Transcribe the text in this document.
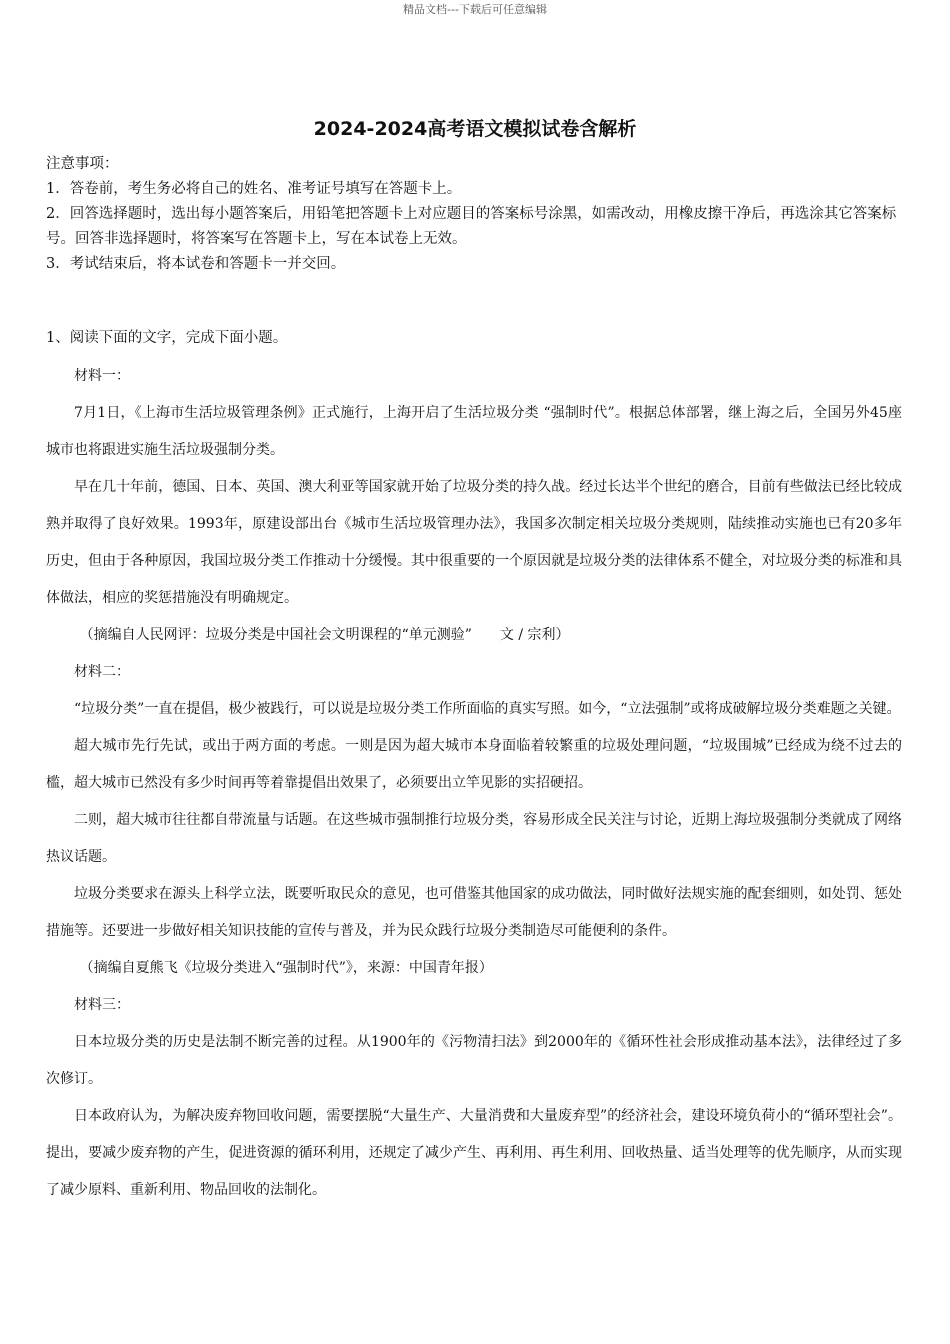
精品文档---下载后可任意编辑
2024-2024高考语文模拟试卷含解析

注意事项：

1．答卷前，考生务必将自己的姓名、准考证号填写在答题卡上。

2．回答选择题时，选出每小题答案后，用铅笔把答题卡上对应题目的答案标号涂黑，如需改动，用橡皮擦干净后，再选涂其它答案标号。回答非选择题时，将答案写在答题卡上，写在本试卷上无效。

3．考试结束后，将本试卷和答题卡一并交回。

1、阅读下面的文字，完成下面小题。

材料一：

7月1日，《上海市生活垃圾管理条例》正式施行，上海开启了生活垃圾分类 “强制时代”。根据总体部署，继上海之后，全国另外45座城市也将跟进实施生活垃圾强制分类。

早在几十年前，德国、日本、英国、澳大利亚等国家就开始了垃圾分类的持久战。经过长达半个世纪的磨合，目前有些做法已经比较成熟并取得了良好效果。1993年，原建设部出台《城市生活垃圾管理办法》，我国多次制定相关垃圾分类规则，陆续推动实施也已有20多年历史，但由于各种原因，我国垃圾分类工作推动十分缓慢。其中很重要的一个原因就是垃圾分类的法律体系不健全，对垃圾分类的标准和具体做法，相应的奖惩措施没有明确规定。

（摘编自人民网评：垃圾分类是中国社会文明课程的“单元测验”　　文 / 宗利）

材料二：

“垃圾分类”一直在提倡，极少被践行，可以说是垃圾分类工作所面临的真实写照。如今，“立法强制”或将成破解垃圾分类难题之关键。

超大城市先行先试，或出于两方面的考虑。一则是因为超大城市本身面临着较繁重的垃圾处理问题，“垃圾围城”已经成为绕不过去的槛，超大城市已然没有多少时间再等着靠提倡出效果了，必须要出立竿见影的实招硬招。

二则，超大城市往往都自带流量与话题。在这些城市强制推行垃圾分类，容易形成全民关注与讨论，近期上海垃圾强制分类就成了网络热议话题。

垃圾分类要求在源头上科学立法，既要听取民众的意见，也可借鉴其他国家的成功做法，同时做好法规实施的配套细则，如处罚、惩处措施等。还要进一步做好相关知识技能的宣传与普及，并为民众践行垃圾分类制造尽可能便利的条件。

（摘编自夏熊飞《垃圾分类进入“强制时代”》，来源：中国青年报）

材料三：

日本垃圾分类的历史是法制不断完善的过程。从1900年的《污物清扫法》到2000年的《循环性社会形成推动基本法》，法律经过了多次修订。

日本政府认为，为解决废弃物回收问题，需要摆脱“大量生产、大量消费和大量废弃型”的经济社会，建设环境负荷小的“循环型社会”。提出，要减少废弃物的产生，促进资源的循环利用，还规定了减少产生、再利用、再生利用、回收热量、适当处理等的优先顺序，从而实现了减少原料、重新利用、物品回收的法制化。
